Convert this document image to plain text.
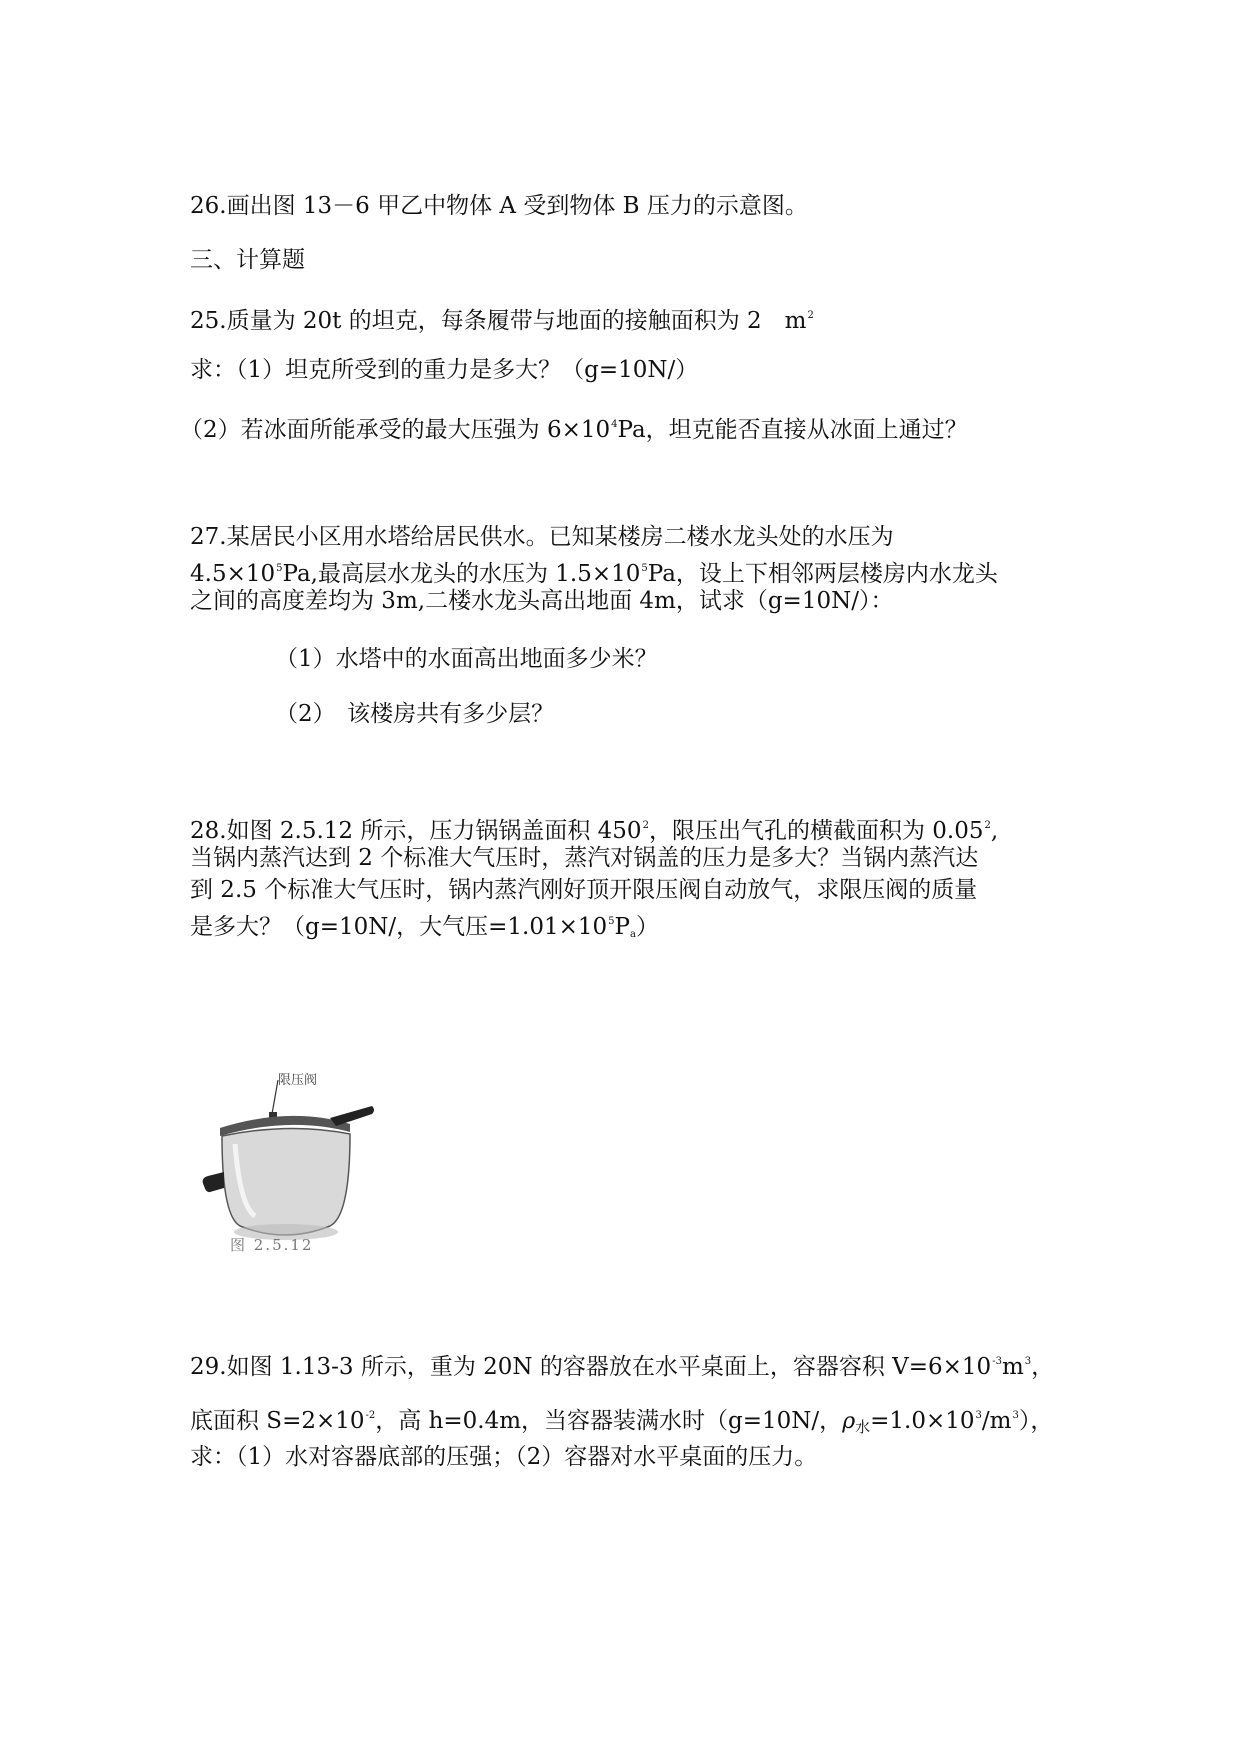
26.画出图 13－6 甲乙中物体 A 受到物体 B 压力的示意图。
三、计算题
25.质量为 20t 的坦克，每条履带与地面的接触面积为 2　$m^2$
求：（1）坦克所受到的重力是多大？（g=10N/）
（2）若冰面所能承受的最大压强为 $6\times 10^4Pa$，坦克能否直接从冰面上通过？
27.某居民小区用水塔给居民供水。已知某楼房二楼水龙头处的水压为
$4.5\times 10^5Pa$,最高层水龙头的水压为 $1.5\times 10^5Pa$，设上下相邻两层楼房内水龙头
之间的高度差均为 3m,二楼水龙头高出地面 4m，试求（g=10N/）：
（1）水塔中的水面高出地面多少米？
（2）　该楼房共有多少层？
28.如图 2.5.12 所示，压力锅锅盖面积 $450^2$，限压出气孔的横截面积为 0.05$^2$,
当锅内蒸汽达到 2 个标准大气压时，蒸汽对锅盖的压力是多大？当锅内蒸汽达
到 2.5 个标准大气压时，锅内蒸汽刚好顶开限压阀自动放气，求限压阀的质量
是多大？（g=10N/，大气压$=1.01\times 10^5P_a$）
限压阀
图 2.5.12
29.如图 1.13-3 所示，重为 20N 的容器放在水平桌面上，容器容积 $V=6\times 10^{-3}m^3$，
底面积 $S=2\times 10^{-2}$，高 h=0.4m，当容器装满水时（g=10N/，ρ水$=1.0\times 10^3/m^3$），
求：（1）水对容器底部的压强；（2）容器对水平桌面的压力。
